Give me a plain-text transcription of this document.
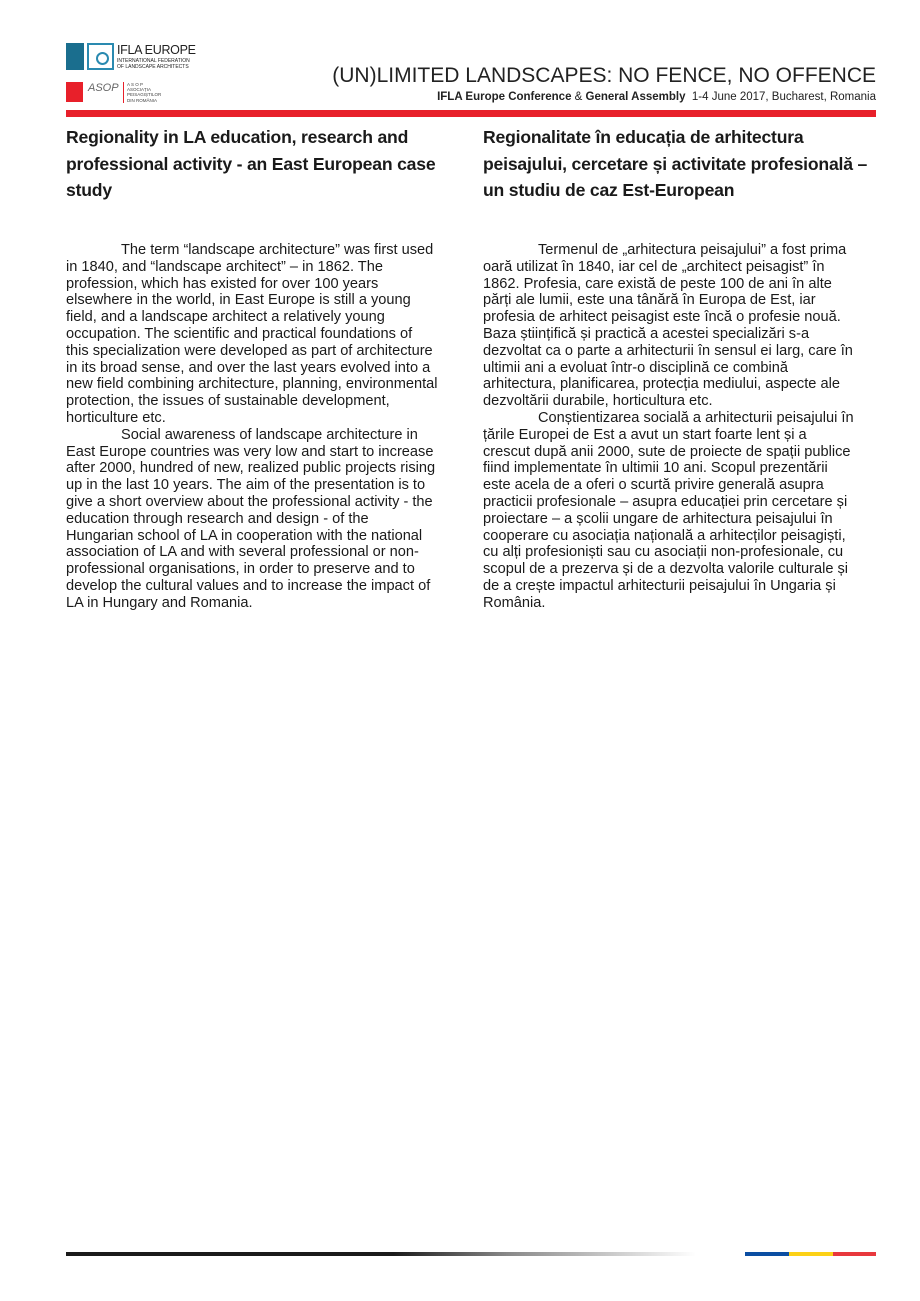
IFLA EUROPE
INTERNATIONAL FEDERATION
OF LANDSCAPE ARCHITECTS
ASOP A S O P
ASOCIAȚIA
PEISAGIȘTILOR
DIN ROMÂNIA
(UN)LIMITED LANDSCAPES: NO FENCE, NO OFFENCE
IFLA Europe Conference & General Assembly  1-4 June 2017, Bucharest, Romania
Regionality in LA education, research and professional activity - an East European case study
Regionalitate în educația de arhitectura peisajului, cercetare și activitate profesională – un studiu de caz Est-European
The term “landscape architecture” was first used
in 1840, and “landscape architect” – in 1862. The
profession, which has existed for over 100 years
elsewhere in the world, in East Europe is still a young
field, and a landscape architect a relatively young
occupation. The scientific and practical foundations of
this specialization were developed as part of architecture
in its broad sense, and over the last years evolved into a
new field combining architecture, planning, environmental
protection, the issues of sustainable development,
horticulture etc.
Social awareness of landscape architecture in
East Europe countries was very low and start to increase
after 2000, hundred of new, realized public projects rising
up in the last 10 years. The aim of the presentation is to
give a short overview about the professional activity - the
education through research and design - of the
Hungarian school of LA in cooperation with the national
association of LA and with several professional or non-
professional organisations, in order to preserve and to
develop the cultural values and to increase the impact of
LA in Hungary and Romania.
Termenul de „arhitectura peisajului” a fost prima
oară utilizat în 1840, iar cel de „architect peisagist” în
1862. Profesia, care există de peste 100 de ani în alte
părți ale lumii, este una tânără în Europa de Est, iar
profesia de arhitect peisagist este încă o profesie nouă.
Baza științifică și practică a acestei specializări s-a
dezvoltat ca o parte a arhitecturii în sensul ei larg, care în
ultimii ani a evoluat într-o disciplină ce combină
arhitectura, planificarea, protecția mediului, aspecte ale
dezvoltării durabile, horticultura etc.
Conștientizarea socială a arhitecturii peisajului în
țările Europei de Est a avut un start foarte lent și a
crescut după anii 2000, sute de proiecte de spații publice
fiind implementate în ultimii 10 ani. Scopul prezentării
este acela de a oferi o scurtă privire generală asupra
practicii profesionale – asupra educației prin cercetare și
proiectare – a școlii ungare de arhitectura peisajului în
cooperare cu asociația națională a arhitecților peisagiști,
cu alți profesioniști sau cu asociații non-profesionale, cu
scopul de a prezerva și de a dezvolta valorile culturale și
de a crește impactul arhitecturii peisajului în Ungaria și
România.
